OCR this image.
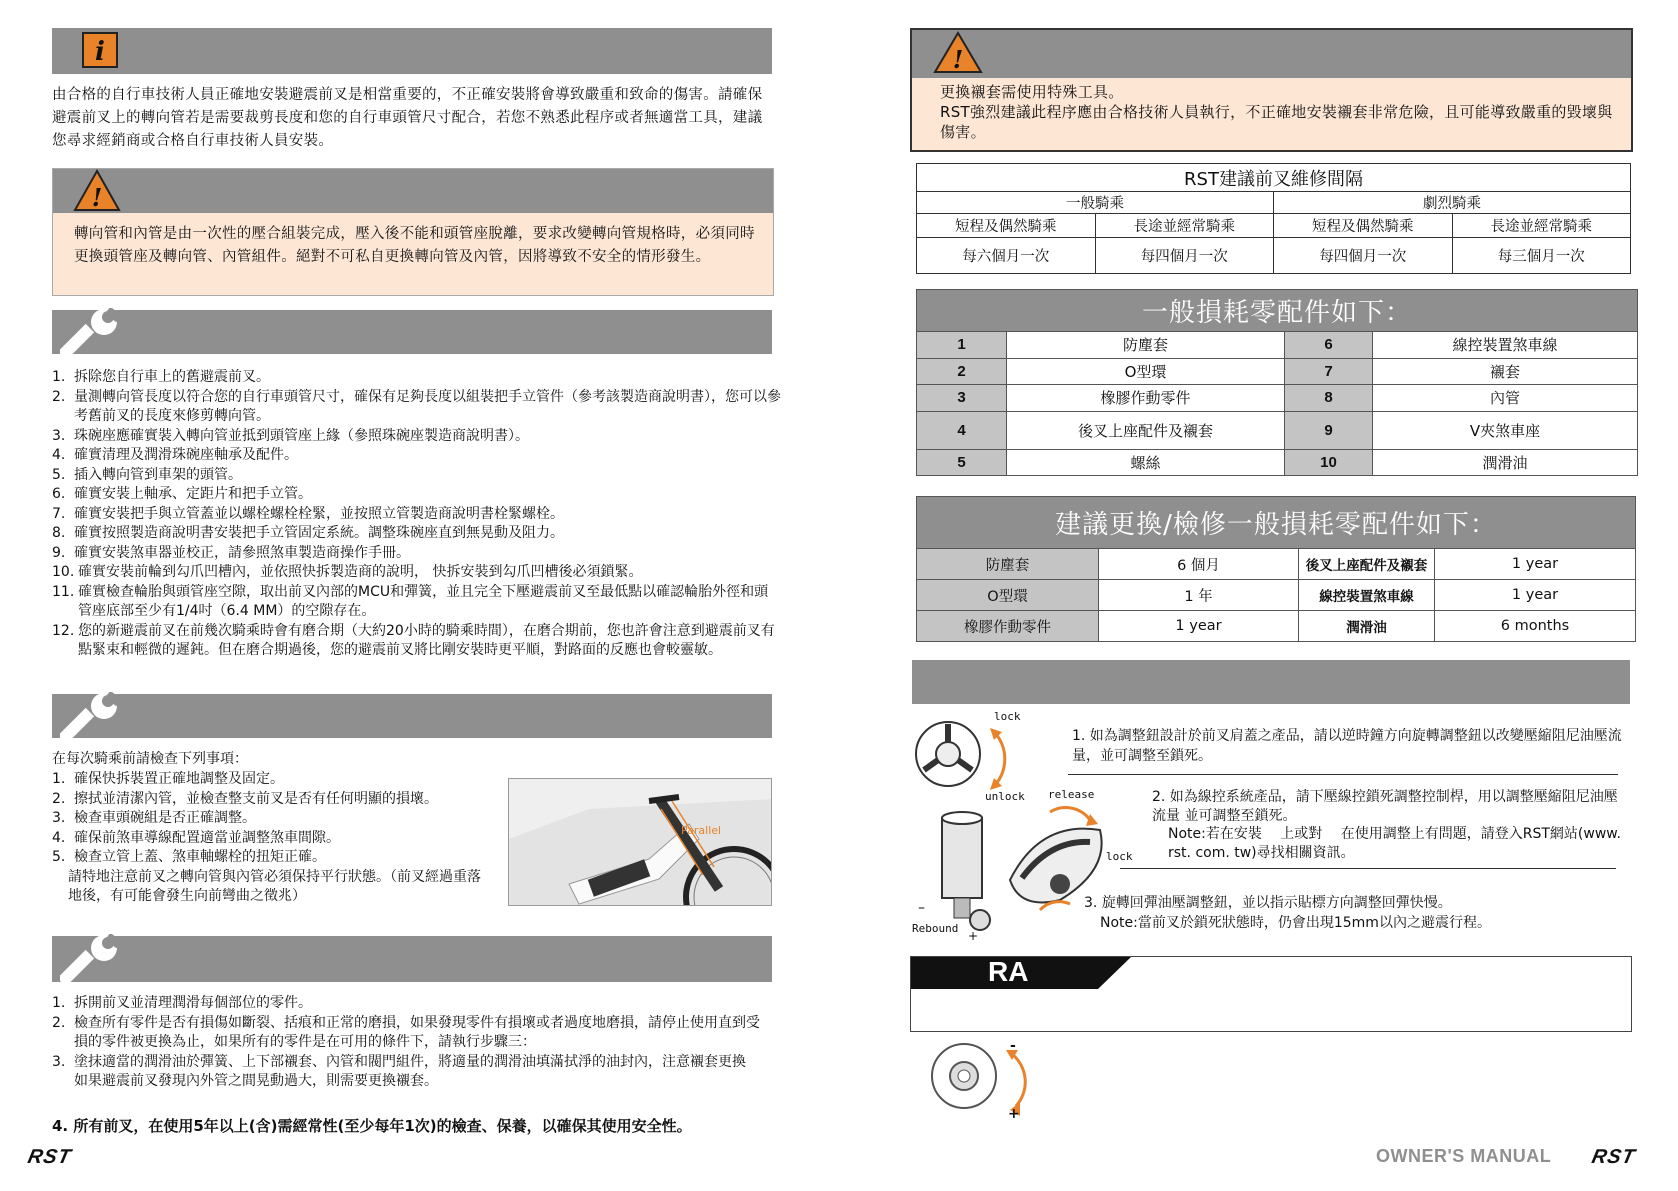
i
由合格的自行車技術人員正確地安裝避震前叉是相當重要的，不正確安裝將會導致嚴重和致命的傷害。請確保避震前叉上的轉向管若是需要裁剪長度和您的自行車頭管尺寸配合，若您不熟悉此程序或者無適當工具，建議您尋求經銷商或合格自行車技術人員安裝。
!
轉向管和內管是由一次性的壓合組裝完成，壓入後不能和頭管座脫離，要求改變轉向管規格時，必須同時更換頭管座及轉向管、內管組件。絕對不可私自更換轉向管及內管，因將導致不安全的情形發生。
1. 拆除您自行車上的舊避震前叉。
2. 量測轉向管長度以符合您的自行車頭管尺寸，確保有足夠長度以組裝把手立管件（參考該製造商說明書），您可以參考舊前叉的長度來修剪轉向管。
3. 珠碗座應確實裝入轉向管並抵到頭管座上緣（參照珠碗座製造商說明書）。
4. 確實清理及潤滑珠碗座軸承及配件。
5. 插入轉向管到車架的頭管。
6. 確實安裝上軸承、定距片和把手立管。
7. 確實安裝把手與立管蓋並以螺栓螺栓栓緊，並按照立管製造商說明書栓緊螺栓。
8. 確實按照製造商說明書安裝把手立管固定系統。調整珠碗座直到無晃動及阻力。
9. 確實安裝煞車器並校正，請參照煞車製造商操作手冊。
10. 確實安裝前輪到勾爪凹槽內，並依照快拆製造商的說明， 快拆安裝到勾爪凹槽後必須鎖緊。
11. 確實檢查輪胎與頭管座空隙，取出前叉內部的MCU和彈簧，並且完全下壓避震前叉至最低點以確認輪胎外徑和頭管座底部至少有1/4吋（6.4 MM）的空隙存在。
12. 您的新避震前叉在前幾次騎乘時會有磨合期（大約20小時的騎乘時間），在磨合期前，您也許會注意到避震前叉有點緊束和輕微的遲鈍。但在磨合期過後，您的避震前叉將比剛安裝時更平順，對路面的反應也會較靈敏。
在每次騎乘前請檢查下列事項：
1. 確保快拆裝置正確地調整及固定。
2. 擦拭並清潔內管，並檢查整支前叉是否有任何明顯的損壞。
3. 檢查車頭碗組是否正確調整。
4. 確保前煞車導線配置適當並調整煞車間隙。
5. 檢查立管上蓋、煞車軸螺栓的扭矩正確。
請特地注意前叉之轉向管與內管必須保持平行狀態。（前叉經過重落地後，有可能會發生向前彎曲之徵兆）
Parallel
1. 拆開前叉並清理潤滑每個部位的零件。
2. 檢查所有零件是否有損傷如斷裂、括痕和正常的磨損，如果發現零件有損壞或者過度地磨損，請停止使用直到受損的零件被更換為止，如果所有的零件是在可用的條件下，請執行步驟三：
3. 塗抹適當的潤滑油於彈簧、上下部襯套、內管和閥門組件，將適量的潤滑油填滿拭淨的油封內，注意襯套更換
如果避震前叉發現內外管之間晃動過大，則需要更換襯套。
4. 所有前叉，在使用5年以上(含)需經常性(至少每年1次)的檢查、保養，以確保其使用安全性。
RST
!
更換襯套需使用特殊工具。
RST強烈建議此程序應由合格技術人員執行，不正確地安裝襯套非常危險，且可能導致嚴重的毀壞與傷害。
RST建議前叉維修間隔			
一般騎乘		劇烈騎乘	
短程及偶然騎乘	長途並經常騎乘	短程及偶然騎乘	長途並經常騎乘
每六個月一次	每四個月一次	每四個月一次	每三個月一次
一般損耗零配件如下：			
1	防塵套	6	線控裝置煞車線
2	O型環	7	襯套
3	橡膠作動零件	8	內管
4	後叉上座配件及襯套	9	V夾煞車座
5	螺絲	10	潤滑油
建議更換/檢修一般損耗零配件如下：			
防塵套	6 個月	後叉上座配件及襯套	1 year
O型環	1 年	線控裝置煞車線	1 year
橡膠作動零件	1 year	潤滑油	6 months
lock
unlock
–
+
release
lock
Rebound
1. 如為調整鈕設計於前叉肩蓋之產品，請以逆時鐘方向旋轉調整鈕以改變壓縮阻尼油壓流量，並可調整至鎖死。
2. 如為線控系統產品，請下壓線控鎖死調整控制桿，用以調整壓縮阻尼油壓流量 並可調整至鎖死。
Note:若在安裝　 上或對　 在使用調整上有問題，請登入RST網站(www. rst. com. tw)尋找相關資訊。
3. 旋轉回彈油壓調整鈕，並以指示貼標方向調整回彈快慢。
Note:當前叉於鎖死狀態時，仍會出現15mm以內之避震行程。
RA
-
+
OWNER'S MANUAL RST
